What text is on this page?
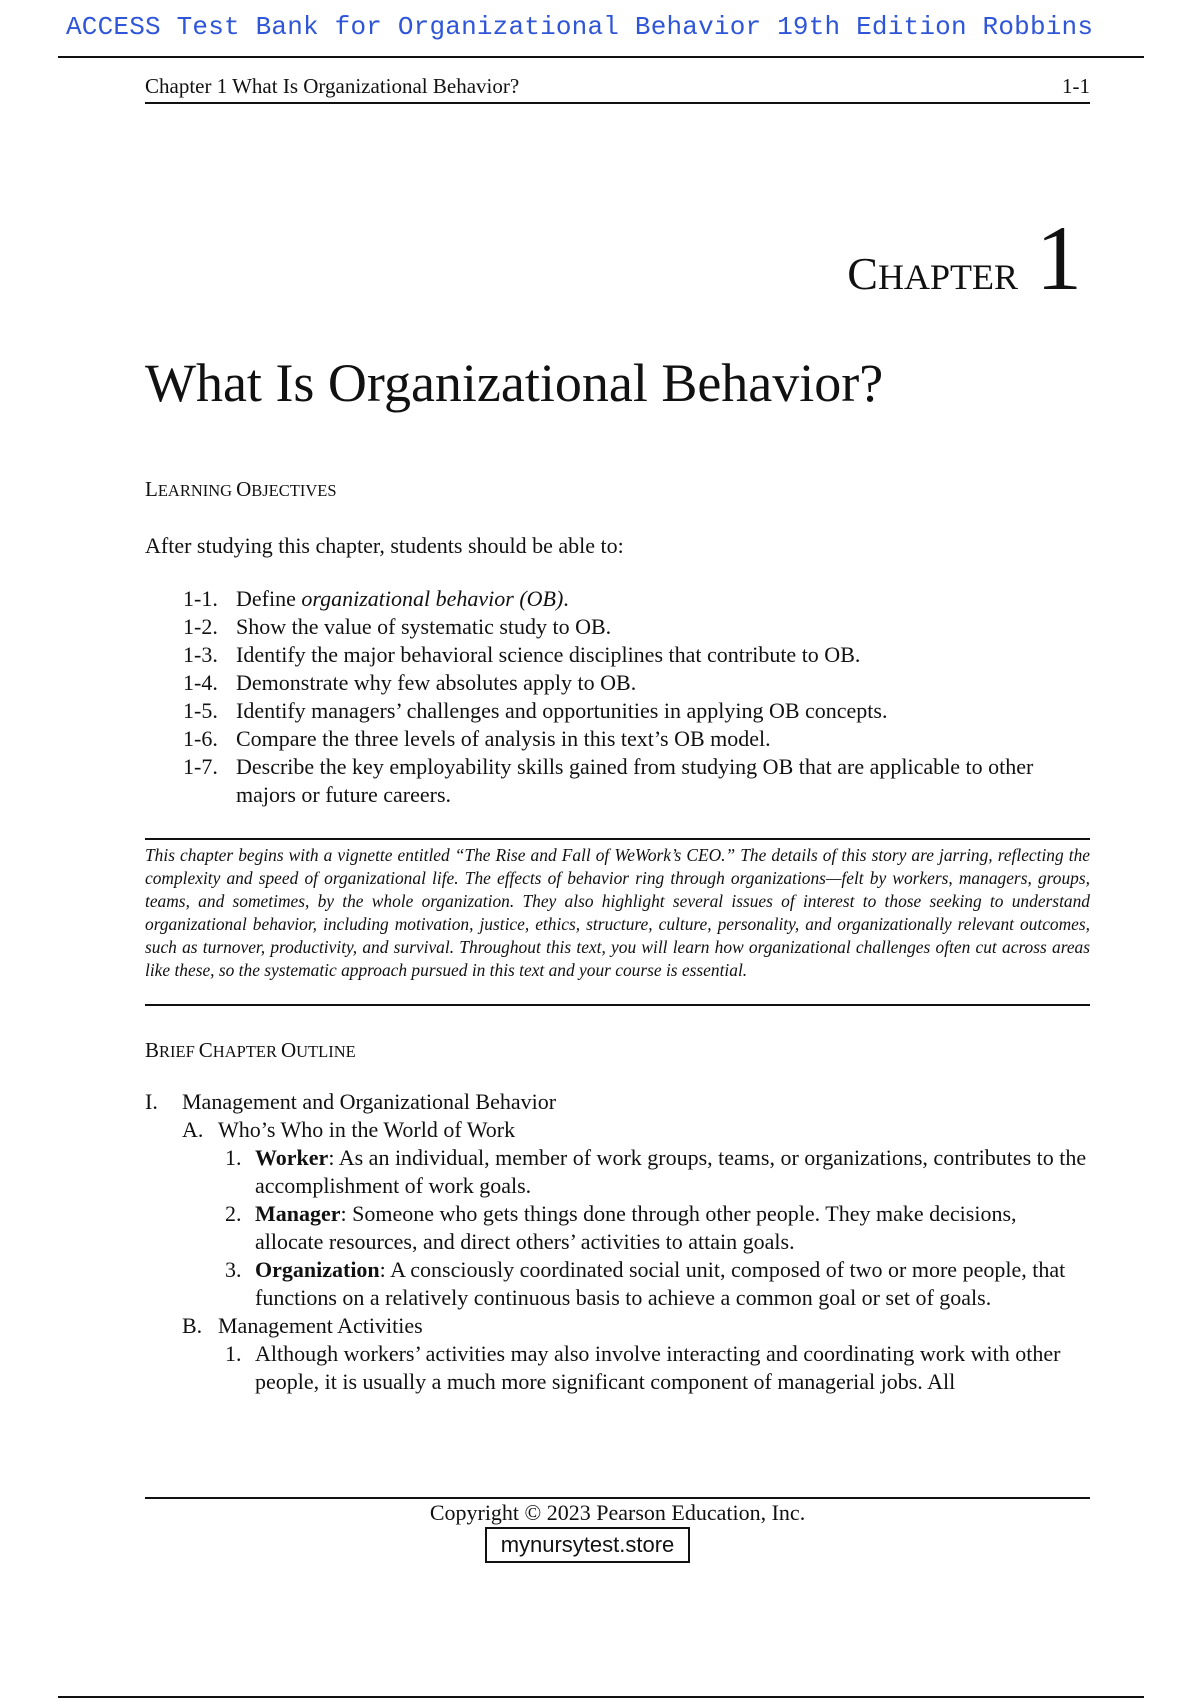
ACCESS Test Bank for Organizational Behavior 19th Edition Robbins
Chapter 1 What Is Organizational Behavior?	1-1
C HAPTER 1
What Is Organizational Behavior?
LEARNING OBJECTIVES
After studying this chapter, students should be able to:
1-1. Define organizational behavior (OB).
1-2. Show the value of systematic study to OB.
1-3. Identify the major behavioral science disciplines that contribute to OB.
1-4. Demonstrate why few absolutes apply to OB.
1-5. Identify managers’ challenges and opportunities in applying OB concepts.
1-6. Compare the three levels of analysis in this text’s OB model.
1-7. Describe the key employability skills gained from studying OB that are applicable to other majors or future careers.
This chapter begins with a vignette entitled “The Rise and Fall of WeWork’s CEO.” The details of this story are jarring, reflecting the complexity and speed of organizational life. The effects of behavior ring through organizations—felt by workers, managers, groups, teams, and sometimes, by the whole organization. They also highlight several issues of interest to those seeking to understand organizational behavior, including motivation, justice, ethics, structure, culture, personality, and organizationally relevant outcomes, such as turnover, productivity, and survival. Throughout this text, you will learn how organizational challenges often cut across areas like these, so the systematic approach pursued in this text and your course is essential.
BRIEF CHAPTER OUTLINE
I.	Management and Organizational Behavior
A. Who’s Who in the World of Work
1. Worker: As an individual, member of work groups, teams, or organizations, contributes to the accomplishment of work goals.
2. Manager: Someone who gets things done through other people. They make decisions, allocate resources, and direct others’ activities to attain goals.
3. Organization: A consciously coordinated social unit, composed of two or more people, that functions on a relatively continuous basis to achieve a common goal or set of goals.
B. Management Activities
1. Although workers’ activities may also involve interacting and coordinating work with other people, it is usually a much more significant component of managerial jobs. All
Copyright © 2023 Pearson Education, Inc.
mynursytest.store
